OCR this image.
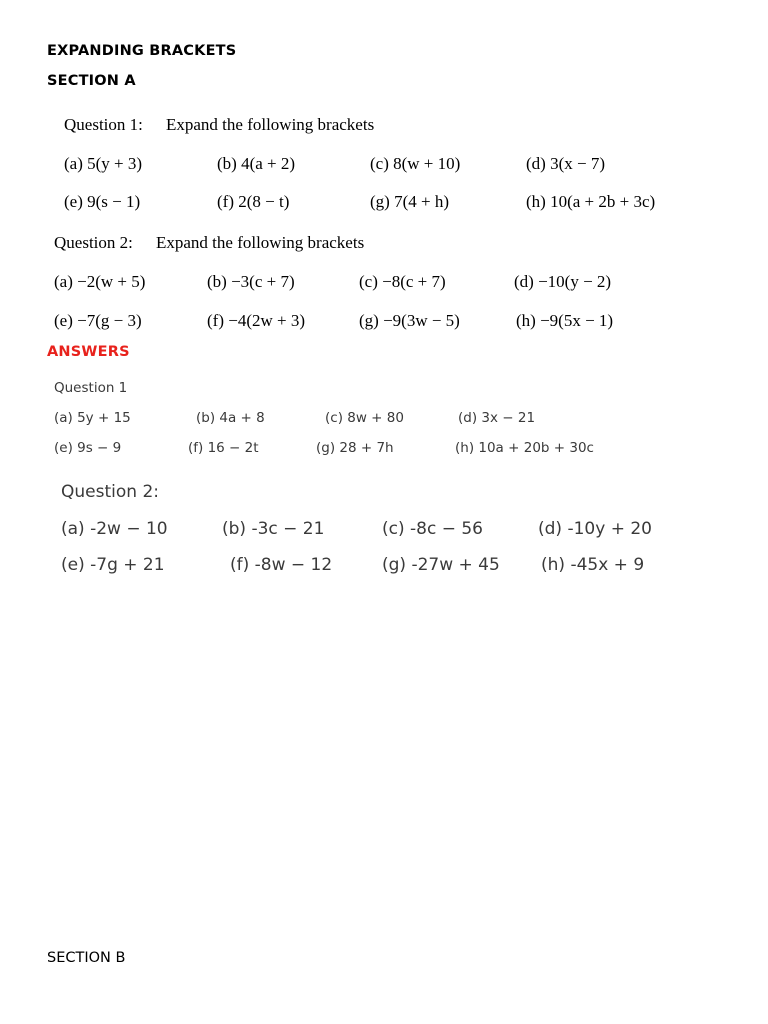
EXPANDING BRACKETS
SECTION A
Question 1: Expand the following brackets
(a) 5(y + 3)	(b) 4(a + 2)	(c) 8(w + 10)	(d) 3(x − 7)
(e) 9(s − 1)	(f) 2(8 − t)	(g) 7(4 + h)	(h) 10(a + 2b + 3c)
Question 2: Expand the following brackets
(a) −2(w + 5)	(b) −3(c + 7)	(c) −8(c + 7)	(d) −10(y − 2)
(e) −7(g − 3)	(f) −4(2w + 3)	(g) −9(3w − 5)	(h) −9(5x − 1)
ANSWERS
Question 1
(a) 5y + 15	(b) 4a + 8	(c) 8w + 80	(d) 3x − 21
(e) 9s − 9	(f) 16 − 2t	(g) 28 + 7h	(h) 10a + 20b + 30c
Question 2:
(a) -2w − 10	(b) -3c − 21	(c) -8c − 56	(d) -10y + 20
(e) -7g + 21	(f) -8w − 12	(g) -27w + 45 (h) -45x + 9
SECTION B
